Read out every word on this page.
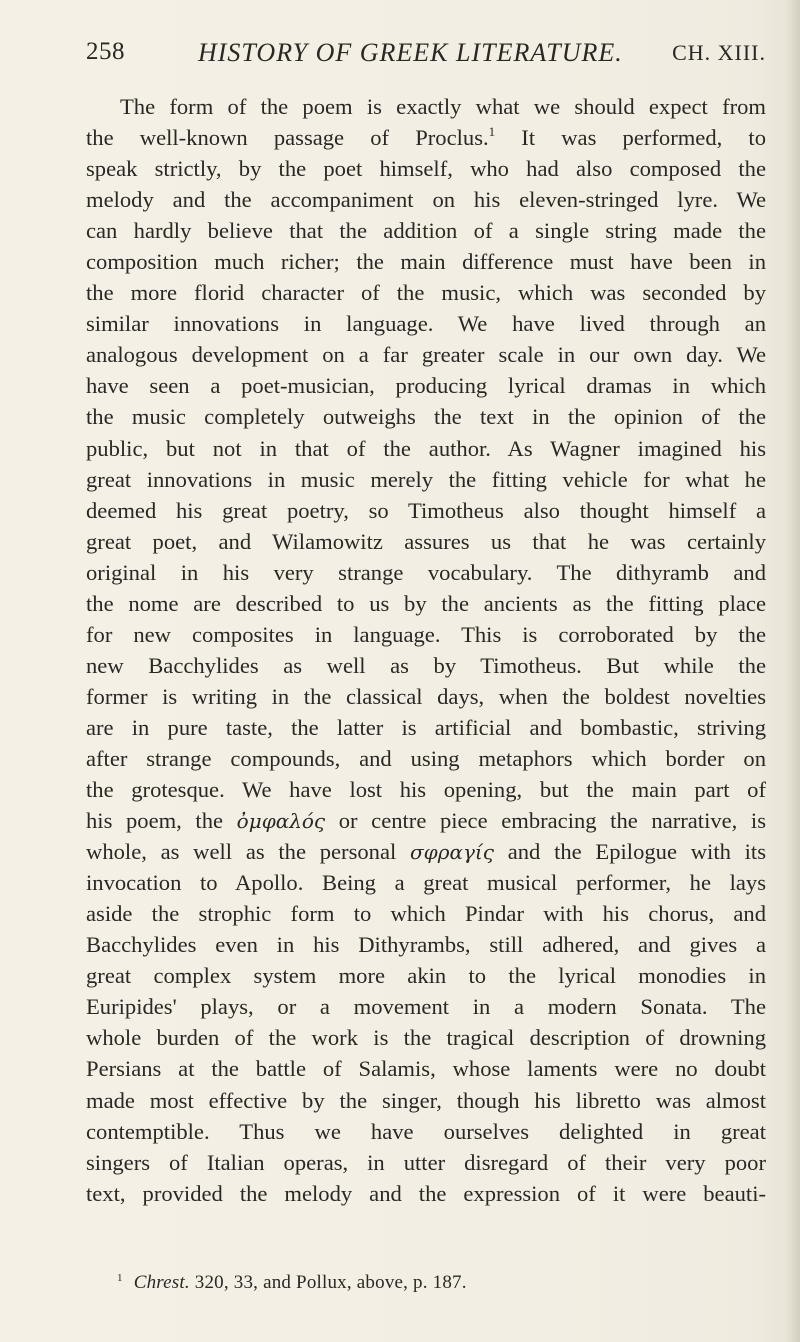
258	HISTORY OF GREEK LITERATURE. CH. XIII.
The form of the poem is exactly what we should expect from
the well-known passage of Proclus.$^1$ It was performed, to
speak strictly, by the poet himself, who had also composed the
melody and the accompaniment on his eleven-stringed lyre. We
can hardly believe that the addition of a single string made the
composition much richer; the main difference must have been in
the more florid character of the music, which was seconded by
similar innovations in language. We have lived through an
analogous development on a far greater scale in our own day. We
have seen a poet-musician, producing lyrical dramas in which
the music completely outweighs the text in the opinion of the
public, but not in that of the author. As Wagner imagined his
great innovations in music merely the fitting vehicle for what he
deemed his great poetry, so Timotheus also thought himself a
great poet, and Wilamowitz assures us that he was certainly
original in his very strange vocabulary. The dithyramb and
the nome are described to us by the ancients as the fitting place
for new composites in language. This is corroborated by the
new Bacchylides as well as by Timotheus. But while the
former is writing in the classical days, when the boldest novelties
are in pure taste, the latter is artificial and bombastic, striving
after strange compounds, and using metaphors which border on
the grotesque. We have lost his opening, but the main part of
his poem, the ὀμφαλός or centre piece embracing the narrative, is
whole, as well as the personal σφραγίς and the Epilogue with its
invocation to Apollo. Being a great musical performer, he lays
aside the strophic form to which Pindar with his chorus, and
Bacchylides even in his Dithyrambs, still adhered, and gives a
great complex system more akin to the lyrical monodies in
Euripides' plays, or a movement in a modern Sonata. The
whole burden of the work is the tragical description of drowning
Persians at the battle of Salamis, whose laments were no doubt
made most effective by the singer, though his libretto was almost
contemptible. Thus we have ourselves delighted in great
singers of Italian operas, in utter disregard of their very poor
text, provided the melody and the expression of it were beauti-
$^1$ Chrest. 320, 33, and Pollux, above, p. 187.
